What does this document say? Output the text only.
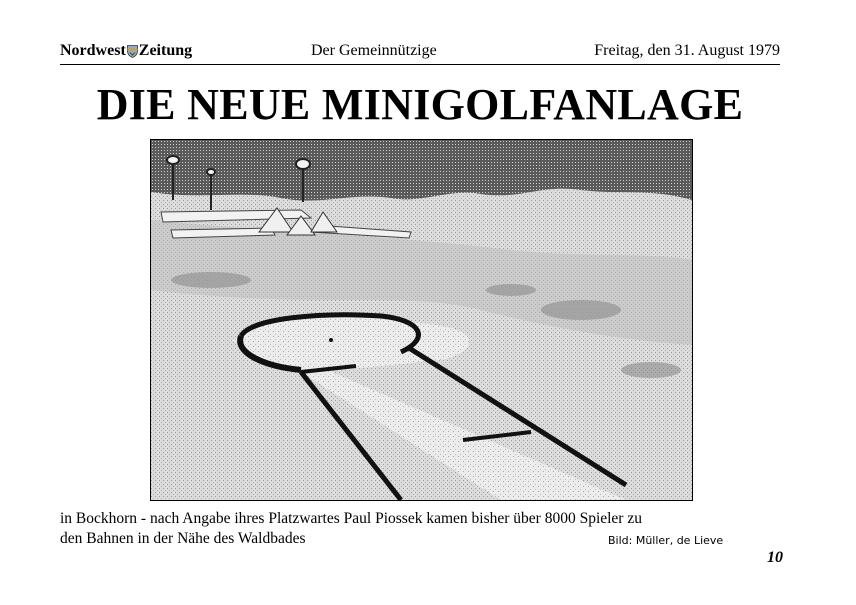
Nordwest Zeitung	Der Gemeinnützige	Freitag, den 31. August 1979
DIE NEUE MINIGOLFANLAGE
in Bockhorn - nach Angabe ihres Platzwartes Paul Piossek kamen bisher über 8000 Spieler zu
den Bahnen in der Nähe des Waldbades	Bild: Müller, de Lieve
10
